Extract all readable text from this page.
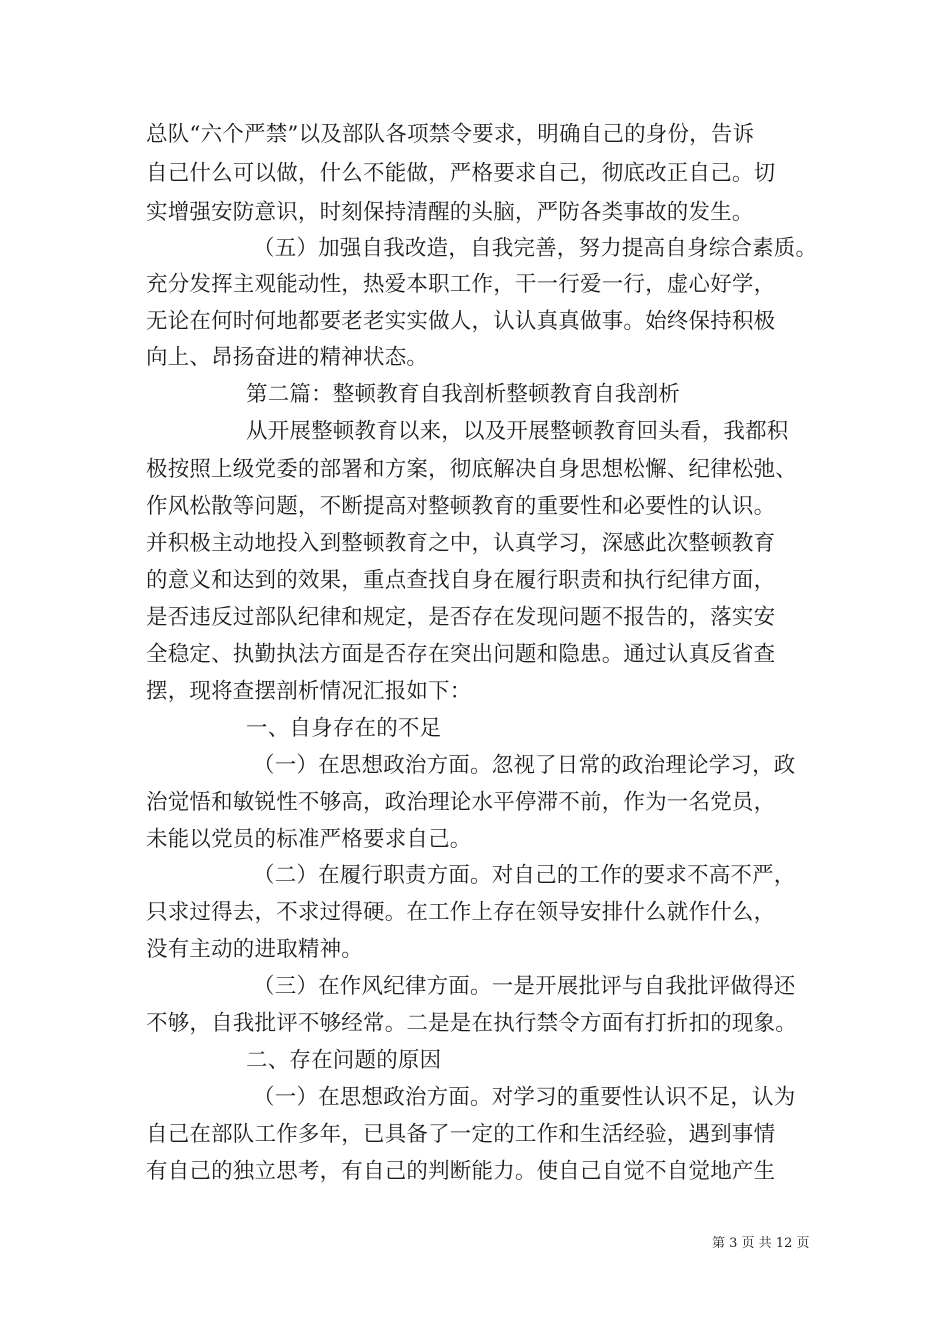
总队“六个严禁”以及部队各项禁令要求，明确自己的身份，告诉
自己什么可以做，什么不能做，严格要求自己，彻底改正自己。切
实增强安防意识，时刻保持清醒的头脑，严防各类事故的发生。
（五）加强自我改造，自我完善，努力提高自身综合素质。
充分发挥主观能动性，热爱本职工作，干一行爱一行，虚心好学，
无论在何时何地都要老老实实做人，认认真真做事。始终保持积极
向上、昂扬奋进的精神状态。
第二篇：整顿教育自我剖析整顿教育自我剖析
从开展整顿教育以来，以及开展整顿教育回头看，我都积
极按照上级党委的部署和方案，彻底解决自身思想松懈、纪律松弛、
作风松散等问题，不断提高对整顿教育的重要性和必要性的认识。
并积极主动地投入到整顿教育之中，认真学习，深感此次整顿教育
的意义和达到的效果，重点查找自身在履行职责和执行纪律方面，
是否违反过部队纪律和规定，是否存在发现问题不报告的，落实安
全稳定、执勤执法方面是否存在突出问题和隐患。通过认真反省查
摆，现将查摆剖析情况汇报如下：
一、自身存在的不足
（一）在思想政治方面。忽视了日常的政治理论学习，政
治觉悟和敏锐性不够高，政治理论水平停滞不前，作为一名党员，
未能以党员的标准严格要求自己。
（二）在履行职责方面。对自己的工作的要求不高不严，
只求过得去，不求过得硬。在工作上存在领导安排什么就作什么，
没有主动的进取精神。
（三）在作风纪律方面。一是开展批评与自我批评做得还
不够，自我批评不够经常。二是是在执行禁令方面有打折扣的现象。
二、存在问题的原因
（一）在思想政治方面。对学习的重要性认识不足，认为
自己在部队工作多年，已具备了一定的工作和生活经验，遇到事情
有自己的独立思考，有自己的判断能力。使自己自觉不自觉地产生
第 3 页 共 12 页
